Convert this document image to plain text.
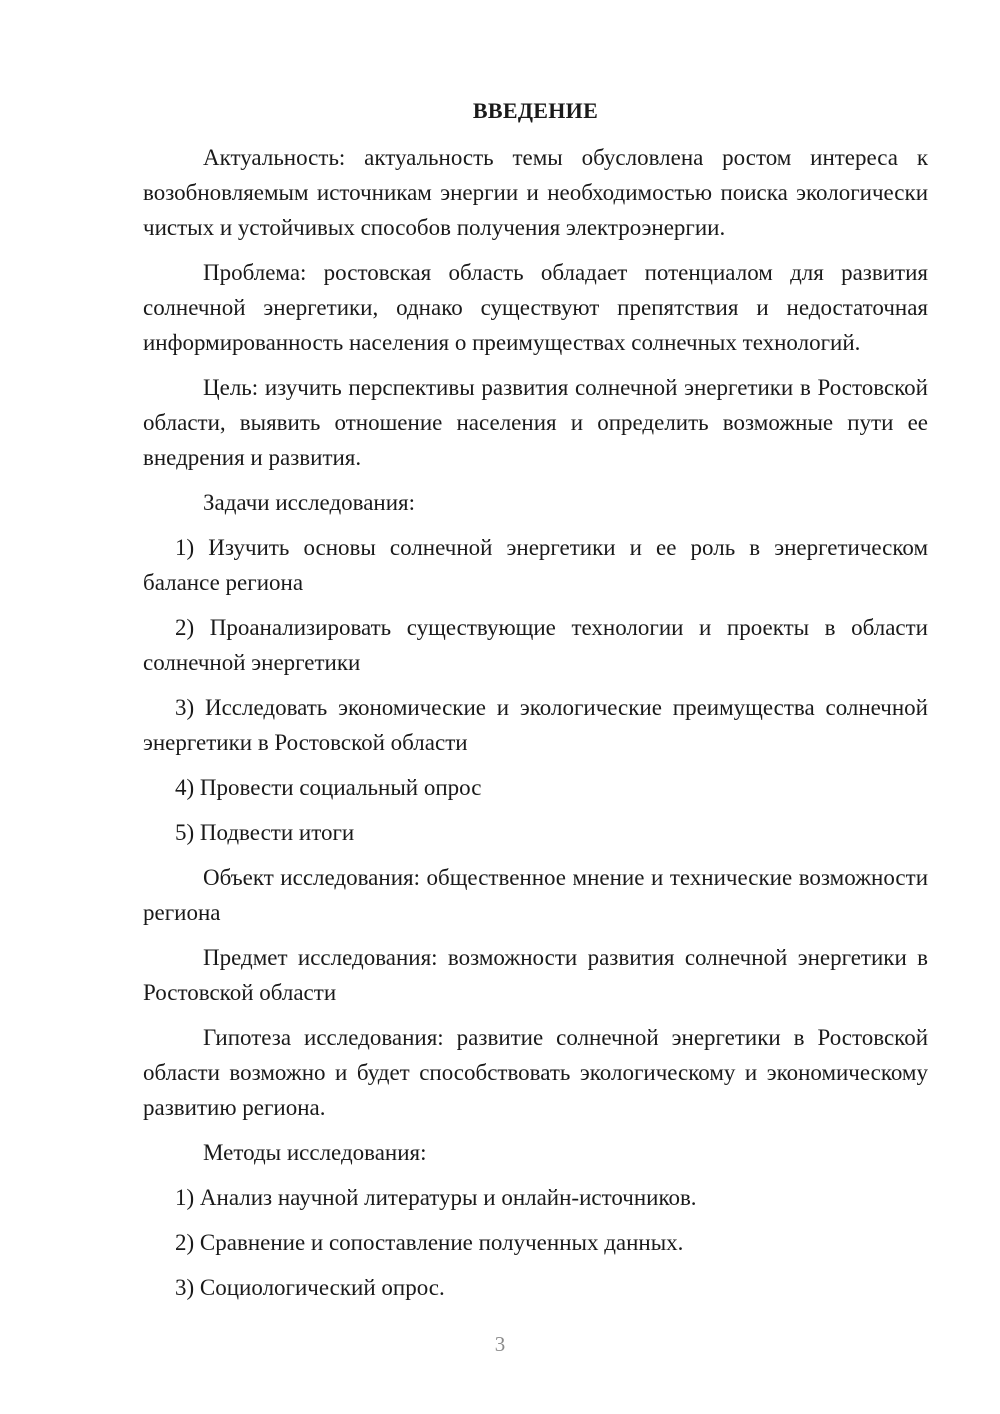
ВВЕДЕНИЕ

Актуальность: актуальность темы обусловлена ростом интереса к возобновляемым источникам энергии и необходимостью поиска экологически чистых и устойчивых способов получения электроэнергии.

Проблема: ростовская область обладает потенциалом для развития солнечной энергетики, однако существуют препятствия и недостаточная информированность населения о преимуществах солнечных технологий.

Цель: изучить перспективы развития солнечной энергетики в Ростовской области, выявить отношение населения и определить возможные пути ее внедрения и развития.

Задачи исследования:

1) Изучить основы солнечной энергетики и ее роль в энергетическом балансе региона

2) Проанализировать существующие технологии и проекты в области солнечной энергетики

3) Исследовать экономические и экологические преимущества солнечной энергетики в Ростовской области

4) Провести социальный опрос

5) Подвести итоги

Объект исследования: общественное мнение и технические возможности региона

Предмет исследования: возможности развития солнечной энергетики в Ростовской области

Гипотеза исследования: развитие солнечной энергетики в Ростовской области возможно и будет способствовать экологическому и экономическому развитию региона.

Методы исследования:

1) Анализ научной литературы и онлайн-источников.

2) Сравнение и сопоставление полученных данных.

3) Социологический опрос.

3
